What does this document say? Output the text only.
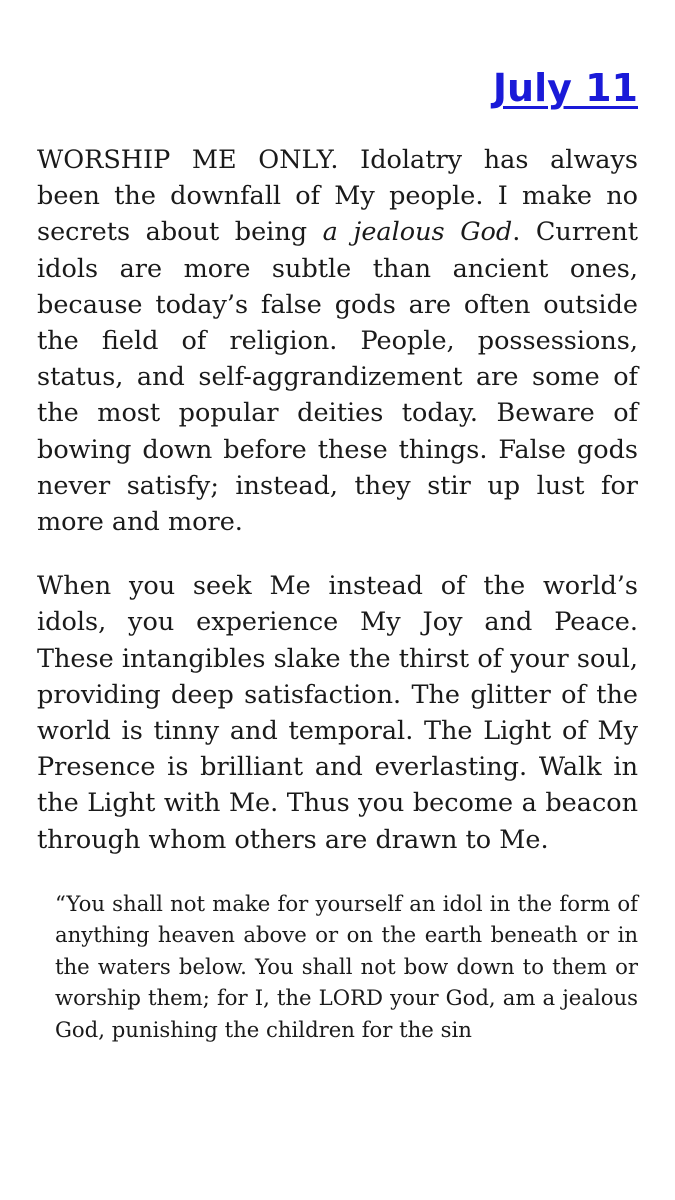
July 11

WORSHIP ME ONLY. Idolatry has always been the downfall of My people. I make no secrets about being a jealous God. Current idols are more subtle than ancient ones, because today’s false gods are often outside the field of religion. People, possessions, status, and self-aggrandizement are some of the most popular deities today. Beware of bowing down before these things. False gods never satisfy; instead, they stir up lust for more and more.

When you seek Me instead of the world’s idols, you experience My Joy and Peace. These intangibles slake the thirst of your soul, providing deep satisfaction. The glitter of the world is tinny and temporal. The Light of My Presence is brilliant and everlasting. Walk in the Light with Me. Thus you become a beacon through whom others are drawn to Me.

“You shall not make for yourself an idol in the form of anything heaven above or on the earth beneath or in the waters below. You shall not bow down to them or worship them; for I, the LORD your God, am a jealous God, punishing the children for the sin
